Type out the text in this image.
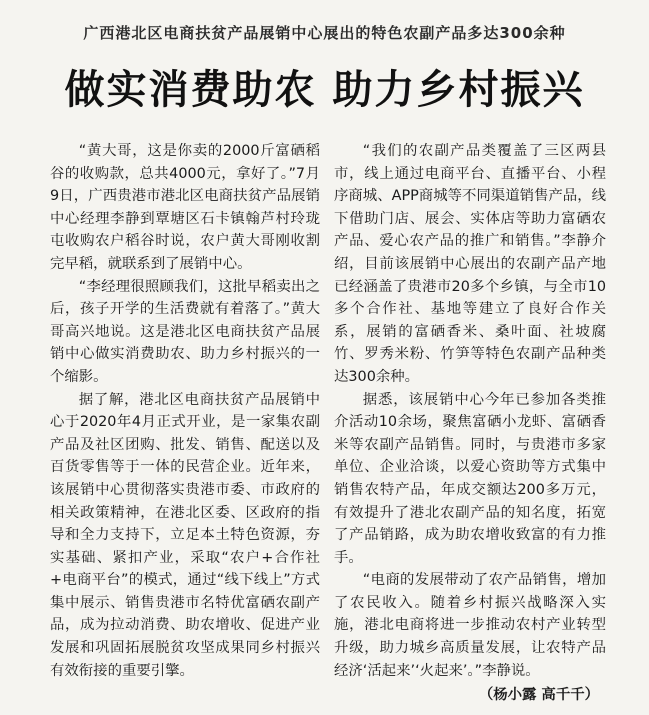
广西港北区电商扶贫产品展销中心展出的特色农副产品多达300余种
做实消费助农 助力乡村振兴

“黄大哥，这是你卖的2000斤富硒稻谷的收购款，总共4000元，拿好了。”7月9日，广西贵港市港北区电商扶贫产品展销中心经理李静到覃塘区石卡镇翰芦村玲珑屯收购农户稻谷时说，农户黄大哥刚收割完早稻，就联系到了展销中心。

“李经理很照顾我们，这批早稻卖出之后，孩子开学的生活费就有着落了。”黄大哥高兴地说。这是港北区电商扶贫产品展销中心做实消费助农、助力乡村振兴的一个缩影。

据了解，港北区电商扶贫产品展销中心于2020年4月正式开业，是一家集农副产品及社区团购、批发、销售、配送以及百货零售等于一体的民营企业。近年来，该展销中心贯彻落实贵港市委、市政府的相关政策精神，在港北区委、区政府的指导和全力支持下，立足本土特色资源，夯实基础、紧扣产业，采取“农户+合作社+电商平台”的模式，通过“线下线上”方式集中展示、销售贵港市名特优富硒农副产品，成为拉动消费、助农增收、促进产业发展和巩固拓展脱贫攻坚成果同乡村振兴有效衔接的重要引擎。

“我们的农副产品类覆盖了三区两县市，线上通过电商平台、直播平台、小程序商城、APP商城等不同渠道销售产品，线下借助门店、展会、实体店等助力富硒农产品、爱心农产品的推广和销售。”李静介绍，目前该展销中心展出的农副产品产地已经涵盖了贵港市20多个乡镇，与全市10多个合作社、基地等建立了良好合作关系，展销的富硒香米、桑叶面、社坡腐竹、罗秀米粉、竹笋等特色农副产品种类达300余种。

据悉，该展销中心今年已参加各类推介活动10余场，聚焦富硒小龙虾、富硒香米等农副产品销售。同时，与贵港市多家单位、企业洽谈，以爱心资助等方式集中销售农特产品，年成交额达200多万元，有效提升了港北农副产品的知名度，拓宽了产品销路，成为助农增收致富的有力推手。

“电商的发展带动了农产品销售，增加了农民收入。随着乡村振兴战略深入实施，港北电商将进一步推动农村产业转型升级，助力城乡高质量发展，让农特产品经济‘活起来’‘火起来’。”李静说。

（杨小露 高千千）
